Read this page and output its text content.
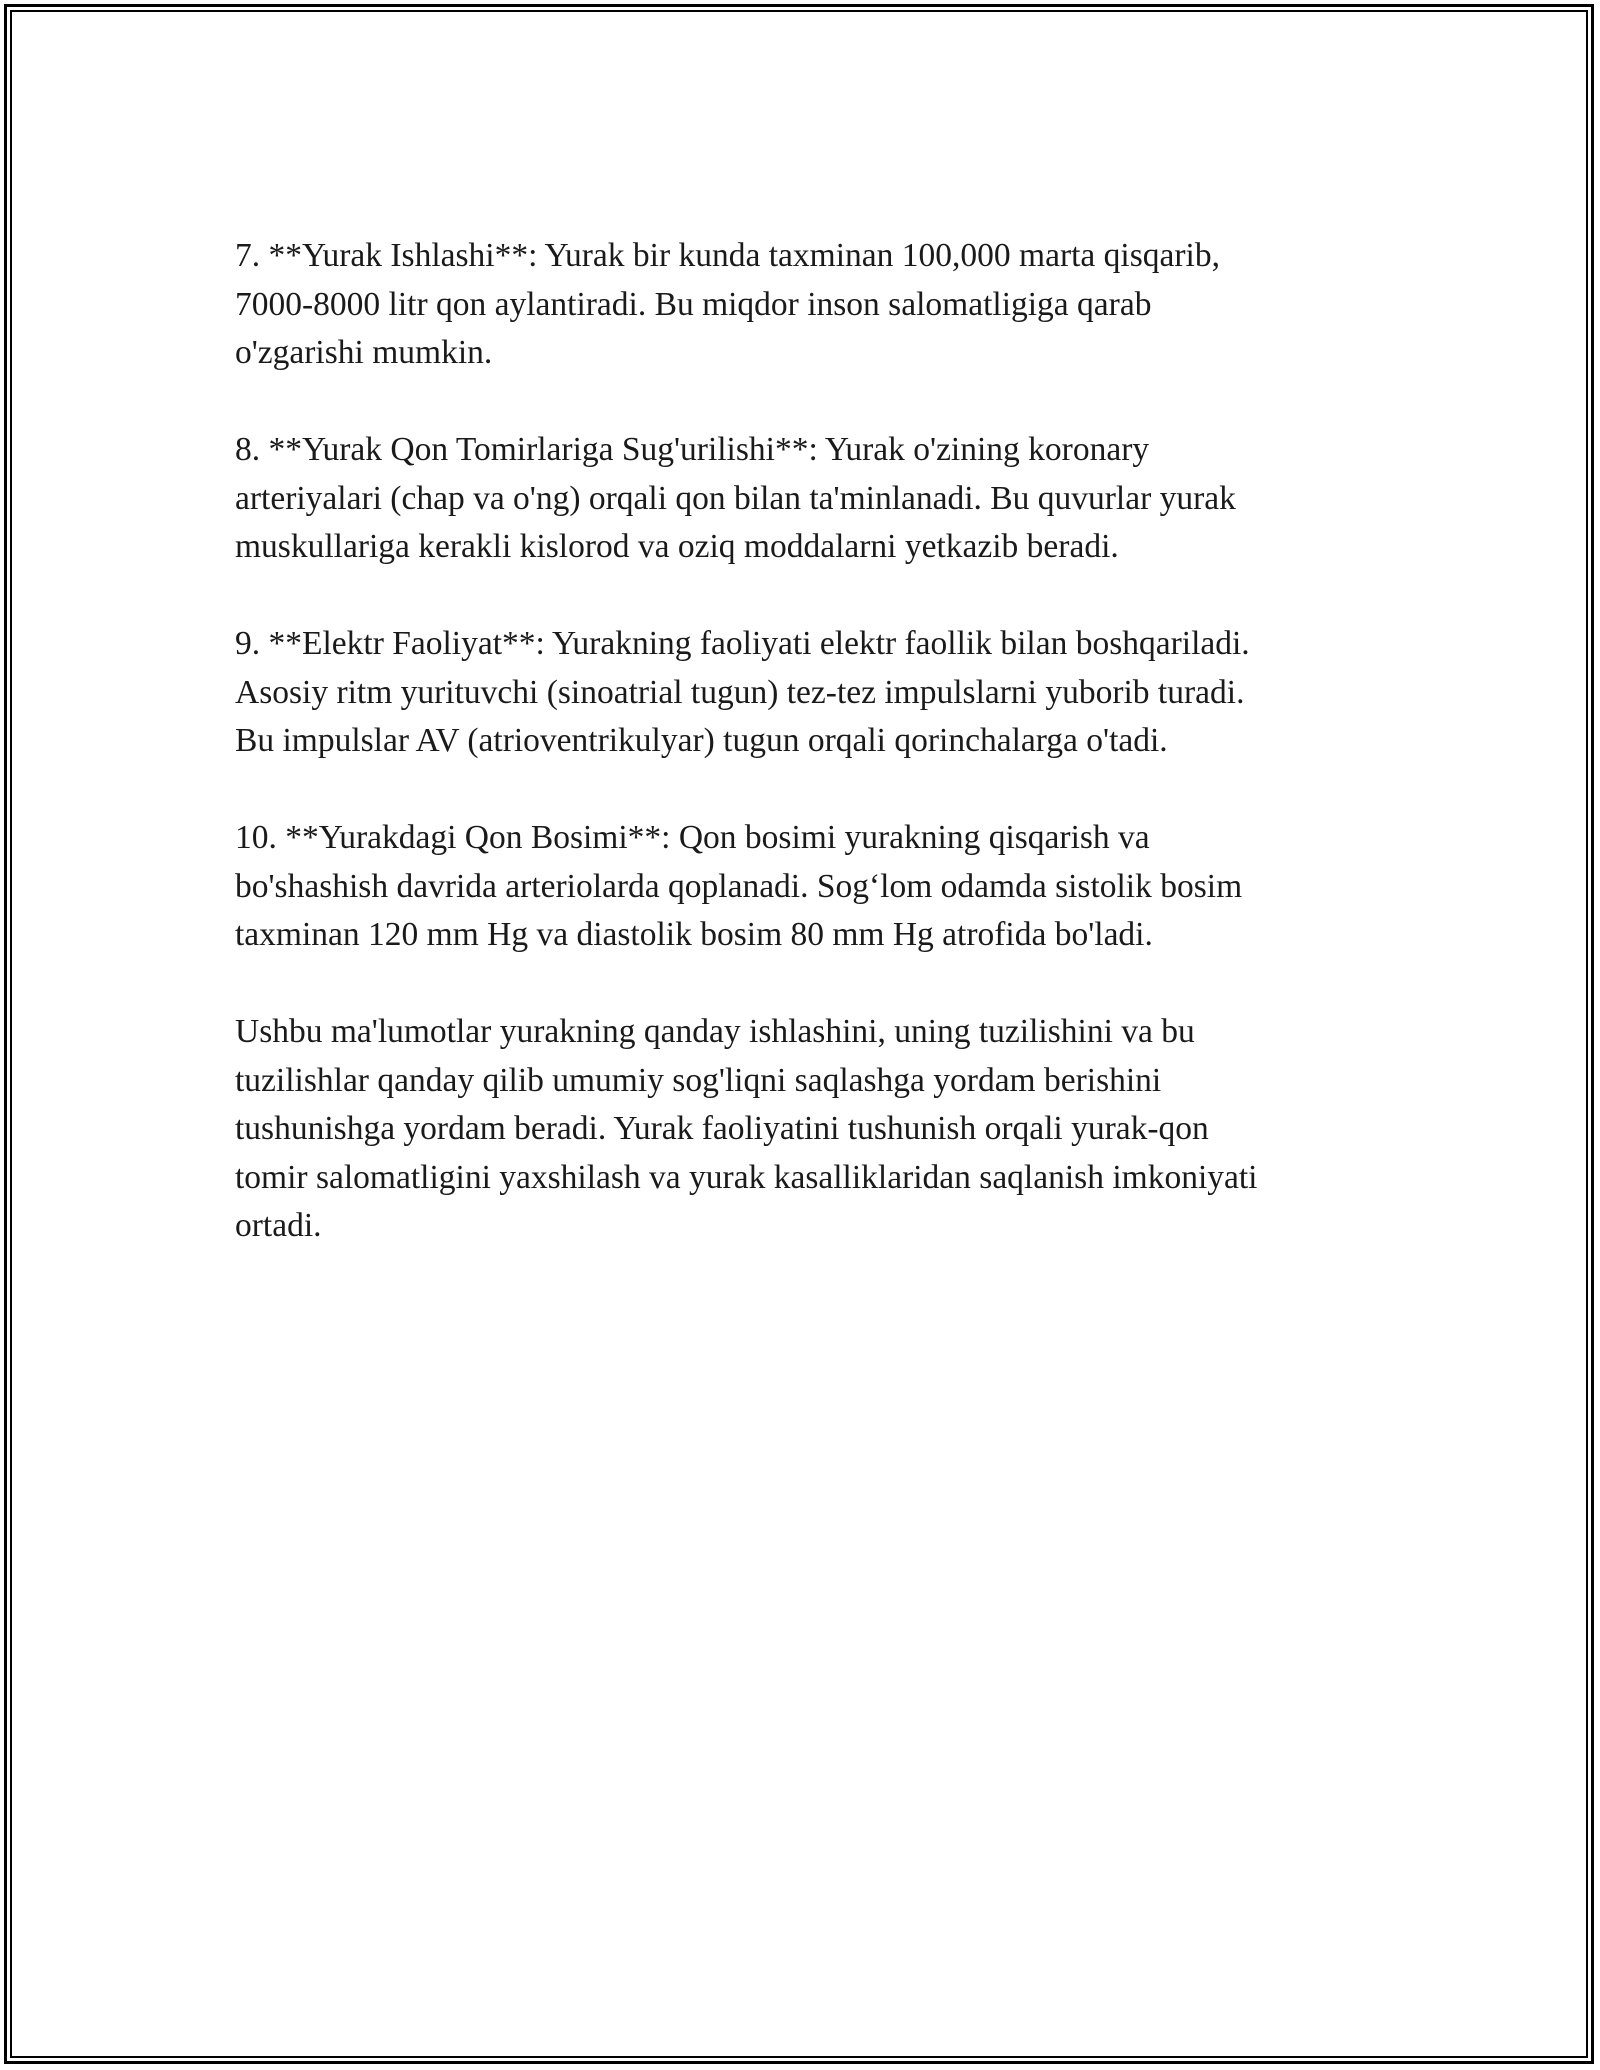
7. **Yurak Ishlashi**: Yurak bir kunda taxminan 100,000 marta qisqarib,
7000-8000 litr qon aylantiradi. Bu miqdor inson salomatligiga qarab
o'zgarishi mumkin.

8. **Yurak Qon Tomirlariga Sug'urilishi**: Yurak o'zining koronary
arteriyalari (chap va o'ng) orqali qon bilan ta'minlanadi. Bu quvurlar yurak
muskullariga kerakli kislorod va oziq moddalarni yetkazib beradi.

9. **Elektr Faoliyat**: Yurakning faoliyati elektr faollik bilan boshqariladi.
Asosiy ritm yurituvchi (sinoatrial tugun) tez-tez impulslarni yuborib turadi.
Bu impulslar AV (atrioventrikulyar) tugun orqali qorinchalarga o'tadi.

10. **Yurakdagi Qon Bosimi**: Qon bosimi yurakning qisqarish va
bo'shashish davrida arteriolarda qoplanadi. Sog‘lom odamda sistolik bosim
taxminan 120 mm Hg va diastolik bosim 80 mm Hg atrofida bo'ladi.

Ushbu ma'lumotlar yurakning qanday ishlashini, uning tuzilishini va bu
tuzilishlar qanday qilib umumiy sog'liqni saqlashga yordam berishini
tushunishga yordam beradi. Yurak faoliyatini tushunish orqali yurak-qon
tomir salomatligini yaxshilash va yurak kasalliklaridan saqlanish imkoniyati
ortadi.
